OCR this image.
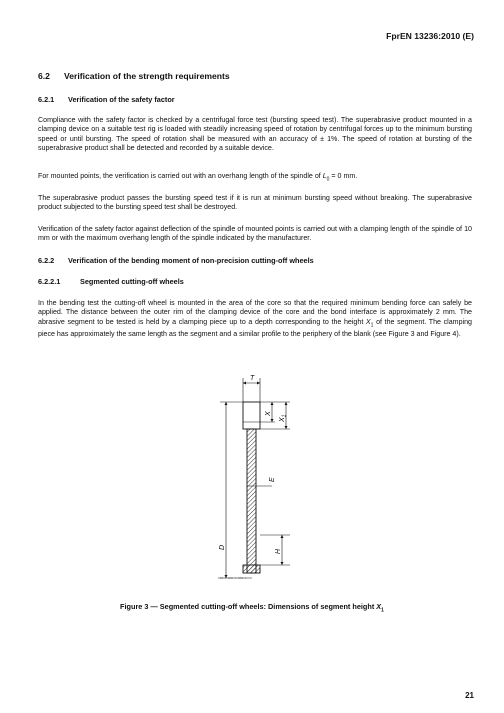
FprEN 13236:2010 (E)
6.2 Verification of the strength requirements
6.2.1 Verification of the safety factor
Compliance with the safety factor is checked by a centrifugal force test (bursting speed test). The superabrasive product mounted in a clamping device on a suitable test rig is loaded with steadily increasing speed of rotation by centrifugal forces up to the minimum bursting speed or until bursting. The speed of rotation shall be measured with an accuracy of ± 1%. The speed of rotation at bursting of the superabrasive product shall be detected and recorded by a suitable device.
For mounted points, the verification is carried out with an overhang length of the spindle of $L_0 = 0$ mm.
The superabrasive product passes the bursting speed test if it is run at minimum bursting speed without breaking. The superabrasive product subjected to the bursting speed test shall be destroyed.
Verification of the safety factor against deflection of the spindle of mounted points is carried out with a clamping length of the spindle of 10 mm or with the maximum overhang length of the spindle indicated by the manufacturer.
6.2.2 Verification of the bending moment of non-precision cutting-off wheels
6.2.2.1	Segmented cutting-off wheels
In the bending test the cutting-off wheel is mounted in the area of the core so that the required minimum bending force can safely be applied. The distance between the outer rim of the clamping device of the core and the bond interface is approximately 2 mm. The abrasive segment to be tested is held by a clamping piece up to a depth corresponding to the height $X_1$ of the segment. The clamping piece has approximately the same length as the segment and a similar profile to the periphery of the blank (see Figure 3 and Figure 4).
T
X
$X_1$
E
H
D
Figure 3 — Segmented cutting-off wheels: Dimensions of segment height $X_1$
21
